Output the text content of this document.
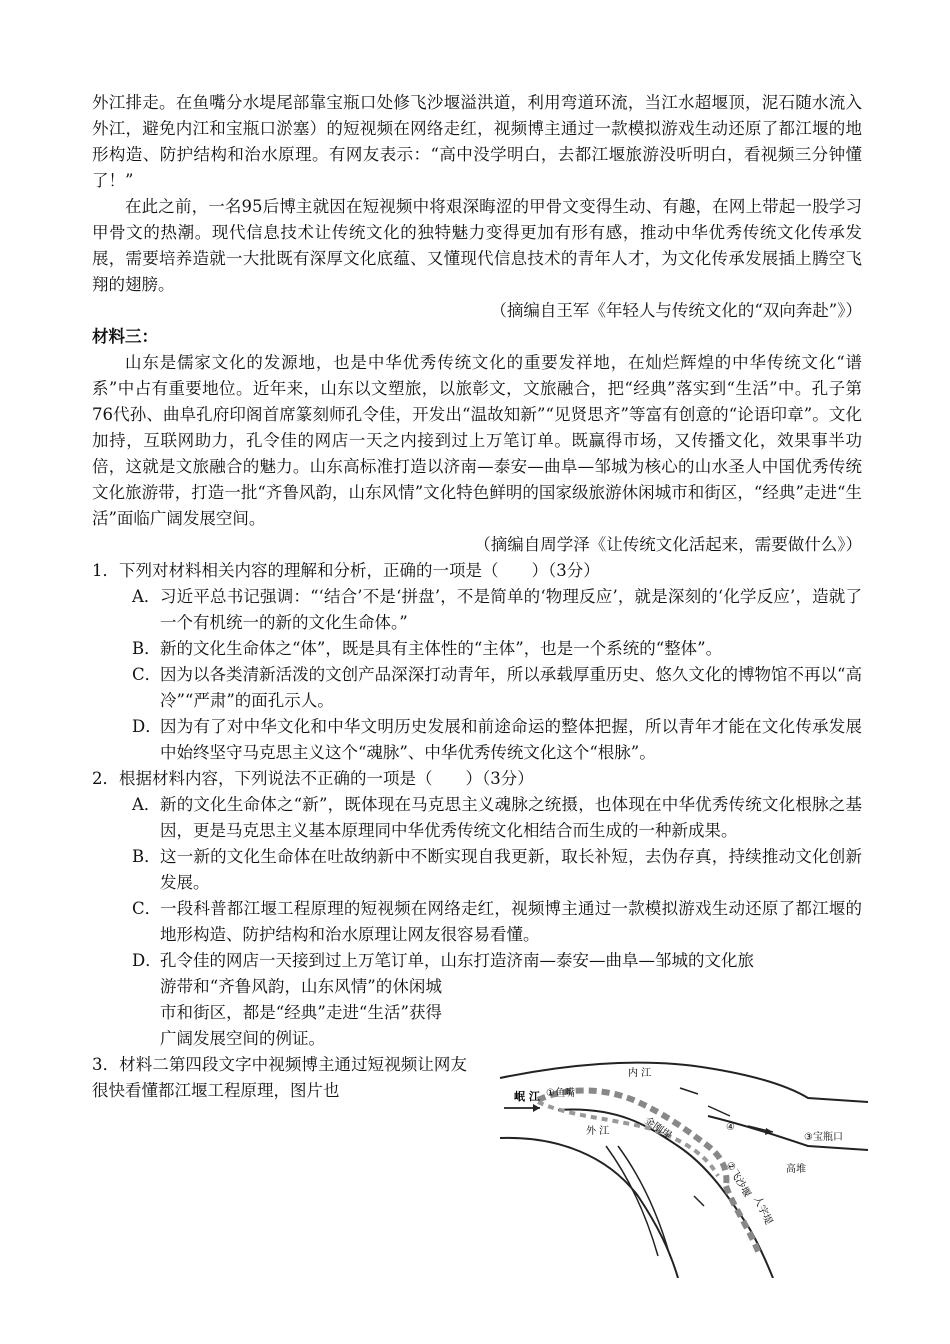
外江排走。在鱼嘴分水堤尾部靠宝瓶口处修飞沙堰溢洪道，利用弯道环流，当江水超堰顶，泥石随水流入外江，避免内江和宝瓶口淤塞）的短视频在网络走红，视频博主通过一款模拟游戏生动还原了都江堰的地形构造、防护结构和治水原理。有网友表示：“高中没学明白，去都江堰旅游没听明白，看视频三分钟懂了！”

在此之前，一名95后博主就因在短视频中将艰深晦涩的甲骨文变得生动、有趣，在网上带起一股学习甲骨文的热潮。现代信息技术让传统文化的独特魅力变得更加有形有感，推动中华优秀传统文化传承发展，需要培养造就一大批既有深厚文化底蕴、又懂现代信息技术的青年人才，为文化传承发展插上腾空飞翔的翅膀。

（摘编自王军《年轻人与传统文化的“双向奔赴”》）

材料三：

山东是儒家文化的发源地，也是中华优秀传统文化的重要发祥地，在灿烂辉煌的中华传统文化“谱系”中占有重要地位。近年来，山东以文塑旅，以旅彰文，文旅融合，把“经典”落实到“生活”中。孔子第76代孙、曲阜孔府印阁首席篆刻师孔令佳，开发出“温故知新”“见贤思齐”等富有创意的“论语印章”。文化加持，互联网助力，孔令佳的网店一天之内接到过上万笔订单。既赢得市场，又传播文化，效果事半功倍，这就是文旅融合的魅力。山东高标准打造以济南—泰安—曲阜—邹城为核心的山水圣人中国优秀传统文化旅游带，打造一批“齐鲁风韵，山东风情”文化特色鲜明的国家级旅游休闲城市和街区，“经典”走进“生活”面临广阔发展空间。

（摘编自周学泽《让传统文化活起来，需要做什么》）

1．下列对材料相关内容的理解和分析，正确的一项是（　　）（3分）

A． 习近平总书记强调：“‘结合’不是‘拼盘’，不是简单的‘物理反应’，就是深刻的‘化学反应’，造就了一个有机统一的新的文化生命体。”
B． 新的文化生命体之“体”，既是具有主体性的“主体”，也是一个系统的“整体”。
C．
因为以各类清新活泼的文创产品深深打动青年，所以承载厚重历史、悠久文化的博物馆不再以“高冷”“严肃”的面孔示人。
D．
因为有了对中华文化和中华文明历史发展和前途命运的整体把握，所以青年才能在文化传承发展中始终坚守马克思主义这个“魂脉”、中华优秀传统文化这个“根脉”。

2．根据材料内容，下列说法不正确的一项是（　　）（3分）

A． 新的文化生命体之“新”，既体现在马克思主义魂脉之统摄，也体现在中华优秀传统文化根脉之基因，更是马克思主义基本原理同中华优秀传统文化相结合而生成的一种新成果。
B． 这一新的文化生命体在吐故纳新中不断实现自我更新，取长补短，去伪存真，持续推动文化创新发展。
C．
一段科普都江堰工程原理的短视频在网络走红，视频博主通过一款模拟游戏生动还原了都江堰的地形构造、防护结构和治水原理让网友很容易看懂。
D．
孔令佳的网店一天接到过上万笔订单，山东打造济南—泰安—曲阜—邹城的文化旅
游带和“齐鲁风韵，山东风情”的休闲城市和街区，都是“经典”走进“生活”获得广阔发展空间的例证。

3．材料二第四段文字中视频博主通过短视频让网友很快看懂都江堰工程原理，图片也	岷 江
内 江
外 江
①鱼嘴
金刚堤	④
②飞沙堰
③宝瓶口
高堆
人字堤
